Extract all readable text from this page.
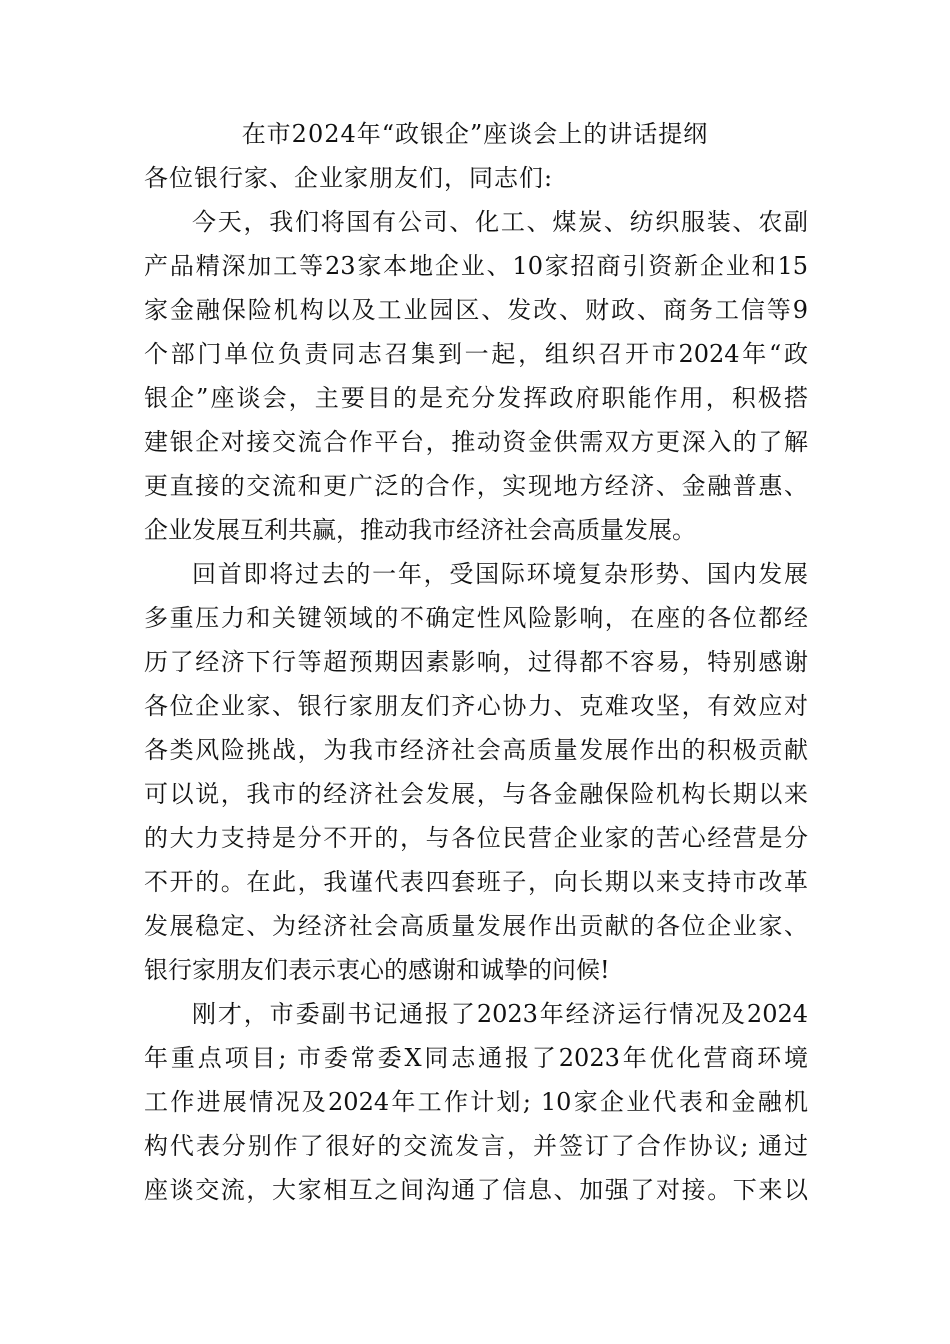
在市2024年“政银企”座谈会上的讲话提纲
各位银行家、企业家朋友们，同志们:
今天，我们将国有公司、化工、煤炭、纺织服装、农副
产品精深加工等23家本地企业、10家招商引资新企业和15
家金融保险机构以及工业园区、发改、财政、商务工信等9
个部门单位负责同志召集到一起，组织召开市2024年“政
银企”座谈会，主要目的是充分发挥政府职能作用，积极搭
建银企对接交流合作平台，推动资金供需双方更深入的了解
更直接的交流和更广泛的合作，实现地方经济、金融普惠、
企业发展互利共赢，推动我市经济社会高质量发展。
回首即将过去的一年，受国际环境复杂形势、国内发展
多重压力和关键领域的不确定性风险影响，在座的各位都经
历了经济下行等超预期因素影响，过得都不容易，特别感谢
各位企业家、银行家朋友们齐心协力、克难攻坚，有效应对
各类风险挑战，为我市经济社会高质量发展作出的积极贡献
可以说，我市的经济社会发展，与各金融保险机构长期以来
的大力支持是分不开的，与各位民营企业家的苦心经营是分
不开的。在此，我谨代表四套班子，向长期以来支持市改革
发展稳定、为经济社会高质量发展作出贡献的各位企业家、
银行家朋友们表示衷心的感谢和诚挚的问候!
刚才，市委副书记通报了2023年经济运行情况及2024
年重点项目; 市委常委X同志通报了2023年优化营商环境
工作进展情况及2024年工作计划; 10家企业代表和金融机
构代表分别作了很好的交流发言，并签订了合作协议; 通过
座谈交流，大家相互之间沟通了信息、加强了对接。下来以
